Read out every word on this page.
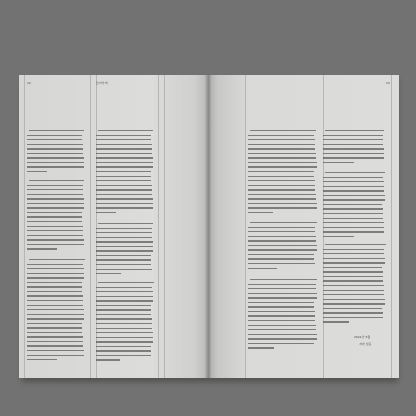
12	들어가며	13
2021년 5월
저자 일동
